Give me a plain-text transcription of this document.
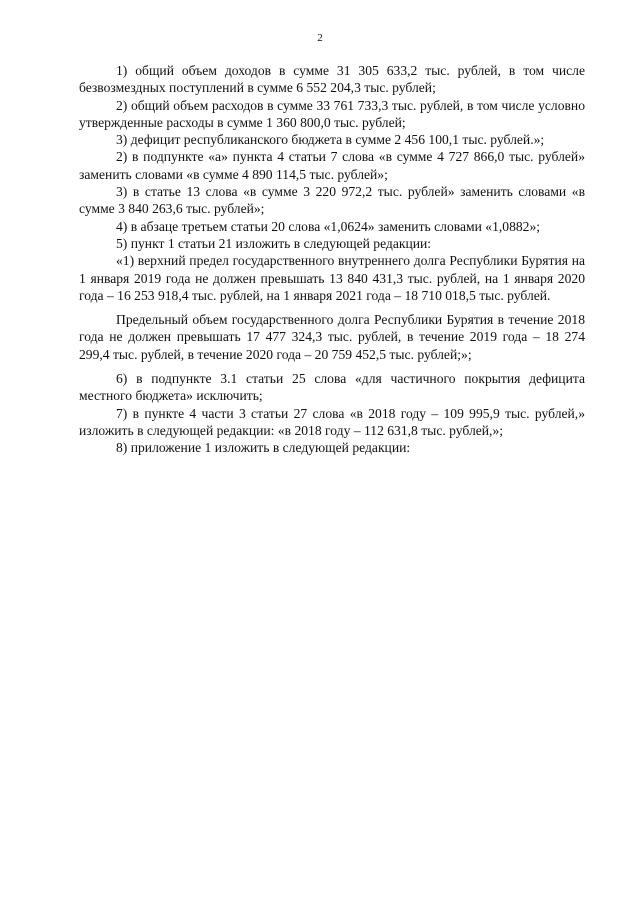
2

1) общий объем доходов в сумме 31 305 633,2 тыс. рублей, в том числе безвозмездных поступлений в сумме 6 552 204,3 тыс. рублей;

2) общий объем расходов в сумме 33 761 733,3 тыс. рублей, в том числе условно утвержденные расходы в сумме 1 360 800,0 тыс. рублей;

3) дефицит республиканского бюджета в сумме 2 456 100,1 тыс. рублей.»;

2) в подпункте «а» пункта 4 статьи 7 слова «в сумме 4 727 866,0 тыс. рублей» заменить словами «в сумме 4 890 114,5 тыс. рублей»;

3) в статье 13 слова «в сумме 3 220 972,2 тыс. рублей» заменить словами «в сумме 3 840 263,6 тыс. рублей»;

4) в абзаце третьем статьи 20 слова «1,0624» заменить словами «1,0882»;

5) пункт 1 статьи 21 изложить в следующей редакции:

«1) верхний предел государственного внутреннего долга Республики Бурятия на 1 января 2019 года не должен превышать 13 840 431,3 тыс. рублей, на 1 января 2020 года – 16 253 918,4 тыс. рублей, на 1 января 2021 года – 18 710 018,5 тыс. рублей.

Предельный объем государственного долга Республики Бурятия в течение 2018 года не должен превышать 17 477 324,3 тыс. рублей, в течение 2019 года – 18 274 299,4 тыс. рублей, в течение 2020 года – 20 759 452,5 тыс. рублей;»;

6) в подпункте 3.1 статьи 25 слова «для частичного покрытия дефицита местного бюджета» исключить;

7) в пункте 4 части 3 статьи 27 слова «в 2018 году – 109 995,9 тыс. рублей,» изложить в следующей редакции: «в 2018 году – 112 631,8 тыс. рублей,»;

8) приложение 1 изложить в следующей редакции:
